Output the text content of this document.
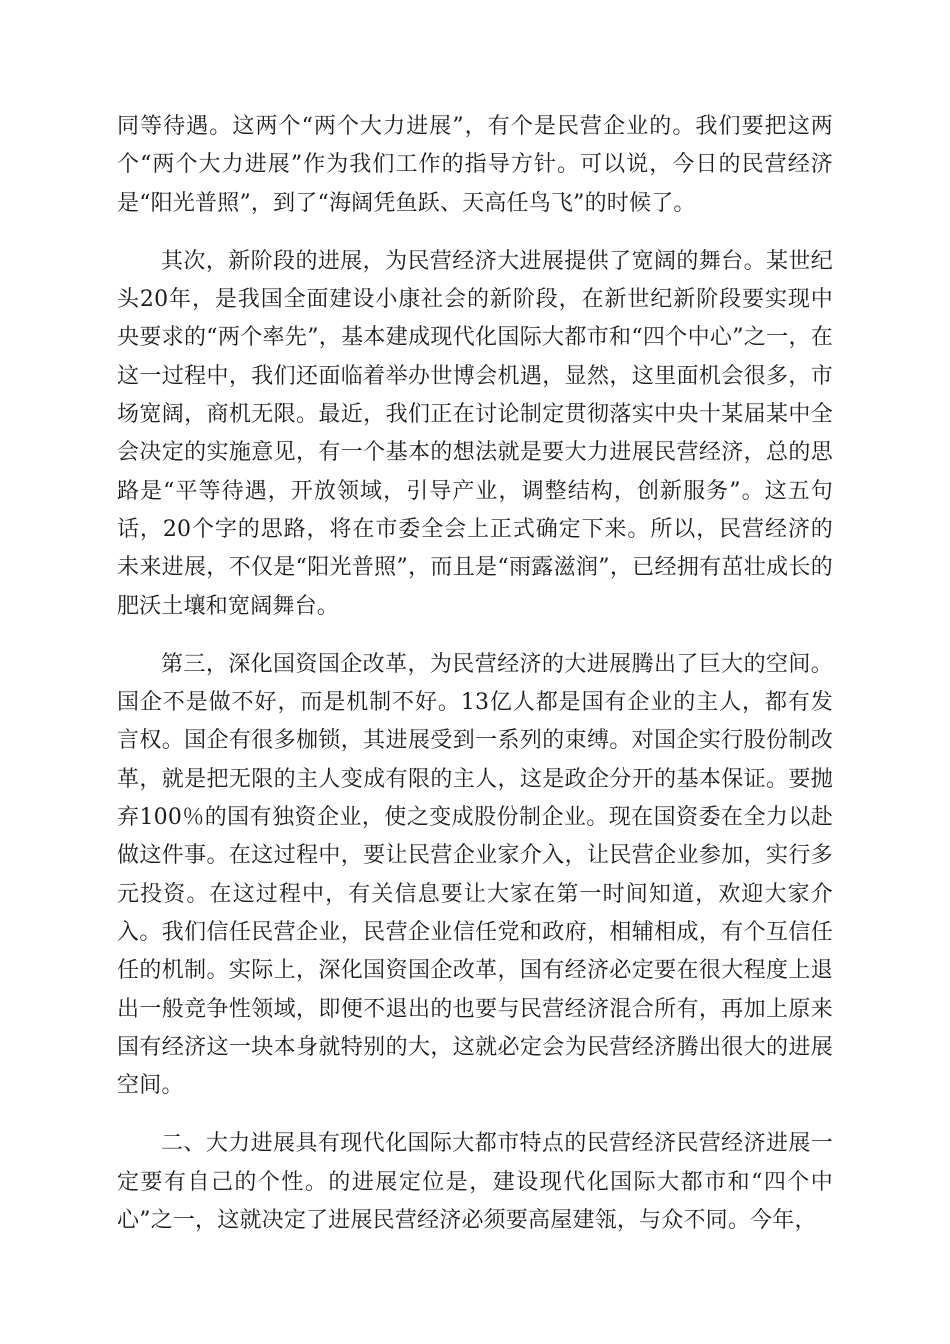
同等待遇。这两个“两个大力进展”，有个是民营企业的。我们要把这两个“两个大力进展”作为我们工作的指导方针。可以说，今日的民营经济是“阳光普照”，到了“海阔凭鱼跃、天高任鸟飞”的时候了。

其次，新阶段的进展，为民营经济大进展提供了宽阔的舞台。某世纪头20年，是我国全面建设小康社会的新阶段，在新世纪新阶段要实现中央要求的“两个率先”，基本建成现代化国际大都市和“四个中心”之一，在这一过程中，我们还面临着举办世博会机遇，显然，这里面机会很多，市场宽阔，商机无限。最近，我们正在讨论制定贯彻落实中央十某届某中全会决定的实施意见，有一个基本的想法就是要大力进展民营经济，总的思路是“平等待遇，开放领域，引导产业，调整结构，创新服务”。这五句话，20个字的思路，将在市委全会上正式确定下来。所以，民营经济的未来进展，不仅是“阳光普照”，而且是“雨露滋润”，已经拥有茁壮成长的肥沃土壤和宽阔舞台。

第三，深化国资国企改革，为民营经济的大进展腾出了巨大的空间。国企不是做不好，而是机制不好。13亿人都是国有企业的主人，都有发言权。国企有很多枷锁，其进展受到一系列的束缚。对国企实行股份制改革，就是把无限的主人变成有限的主人，这是政企分开的基本保证。要抛弃100％的国有独资企业，使之变成股份制企业。现在国资委在全力以赴做这件事。在这过程中，要让民营企业家介入，让民营企业参加，实行多元投资。在这过程中，有关信息要让大家在第一时间知道，欢迎大家介入。我们信任民营企业，民营企业信任党和政府，相辅相成，有个互信任任的机制。实际上，深化国资国企改革，国有经济必定要在很大程度上退出一般竞争性领域，即便不退出的也要与民营经济混合所有，再加上原来国有经济这一块本身就特别的大，这就必定会为民营经济腾出很大的进展空间。

二、大力进展具有现代化国际大都市特点的民营经济民营经济进展一定要有自己的个性。的进展定位是，建设现代化国际大都市和“四个中心”之一，这就决定了进展民营经济必须要高屋建瓴，与众不同。今年，
